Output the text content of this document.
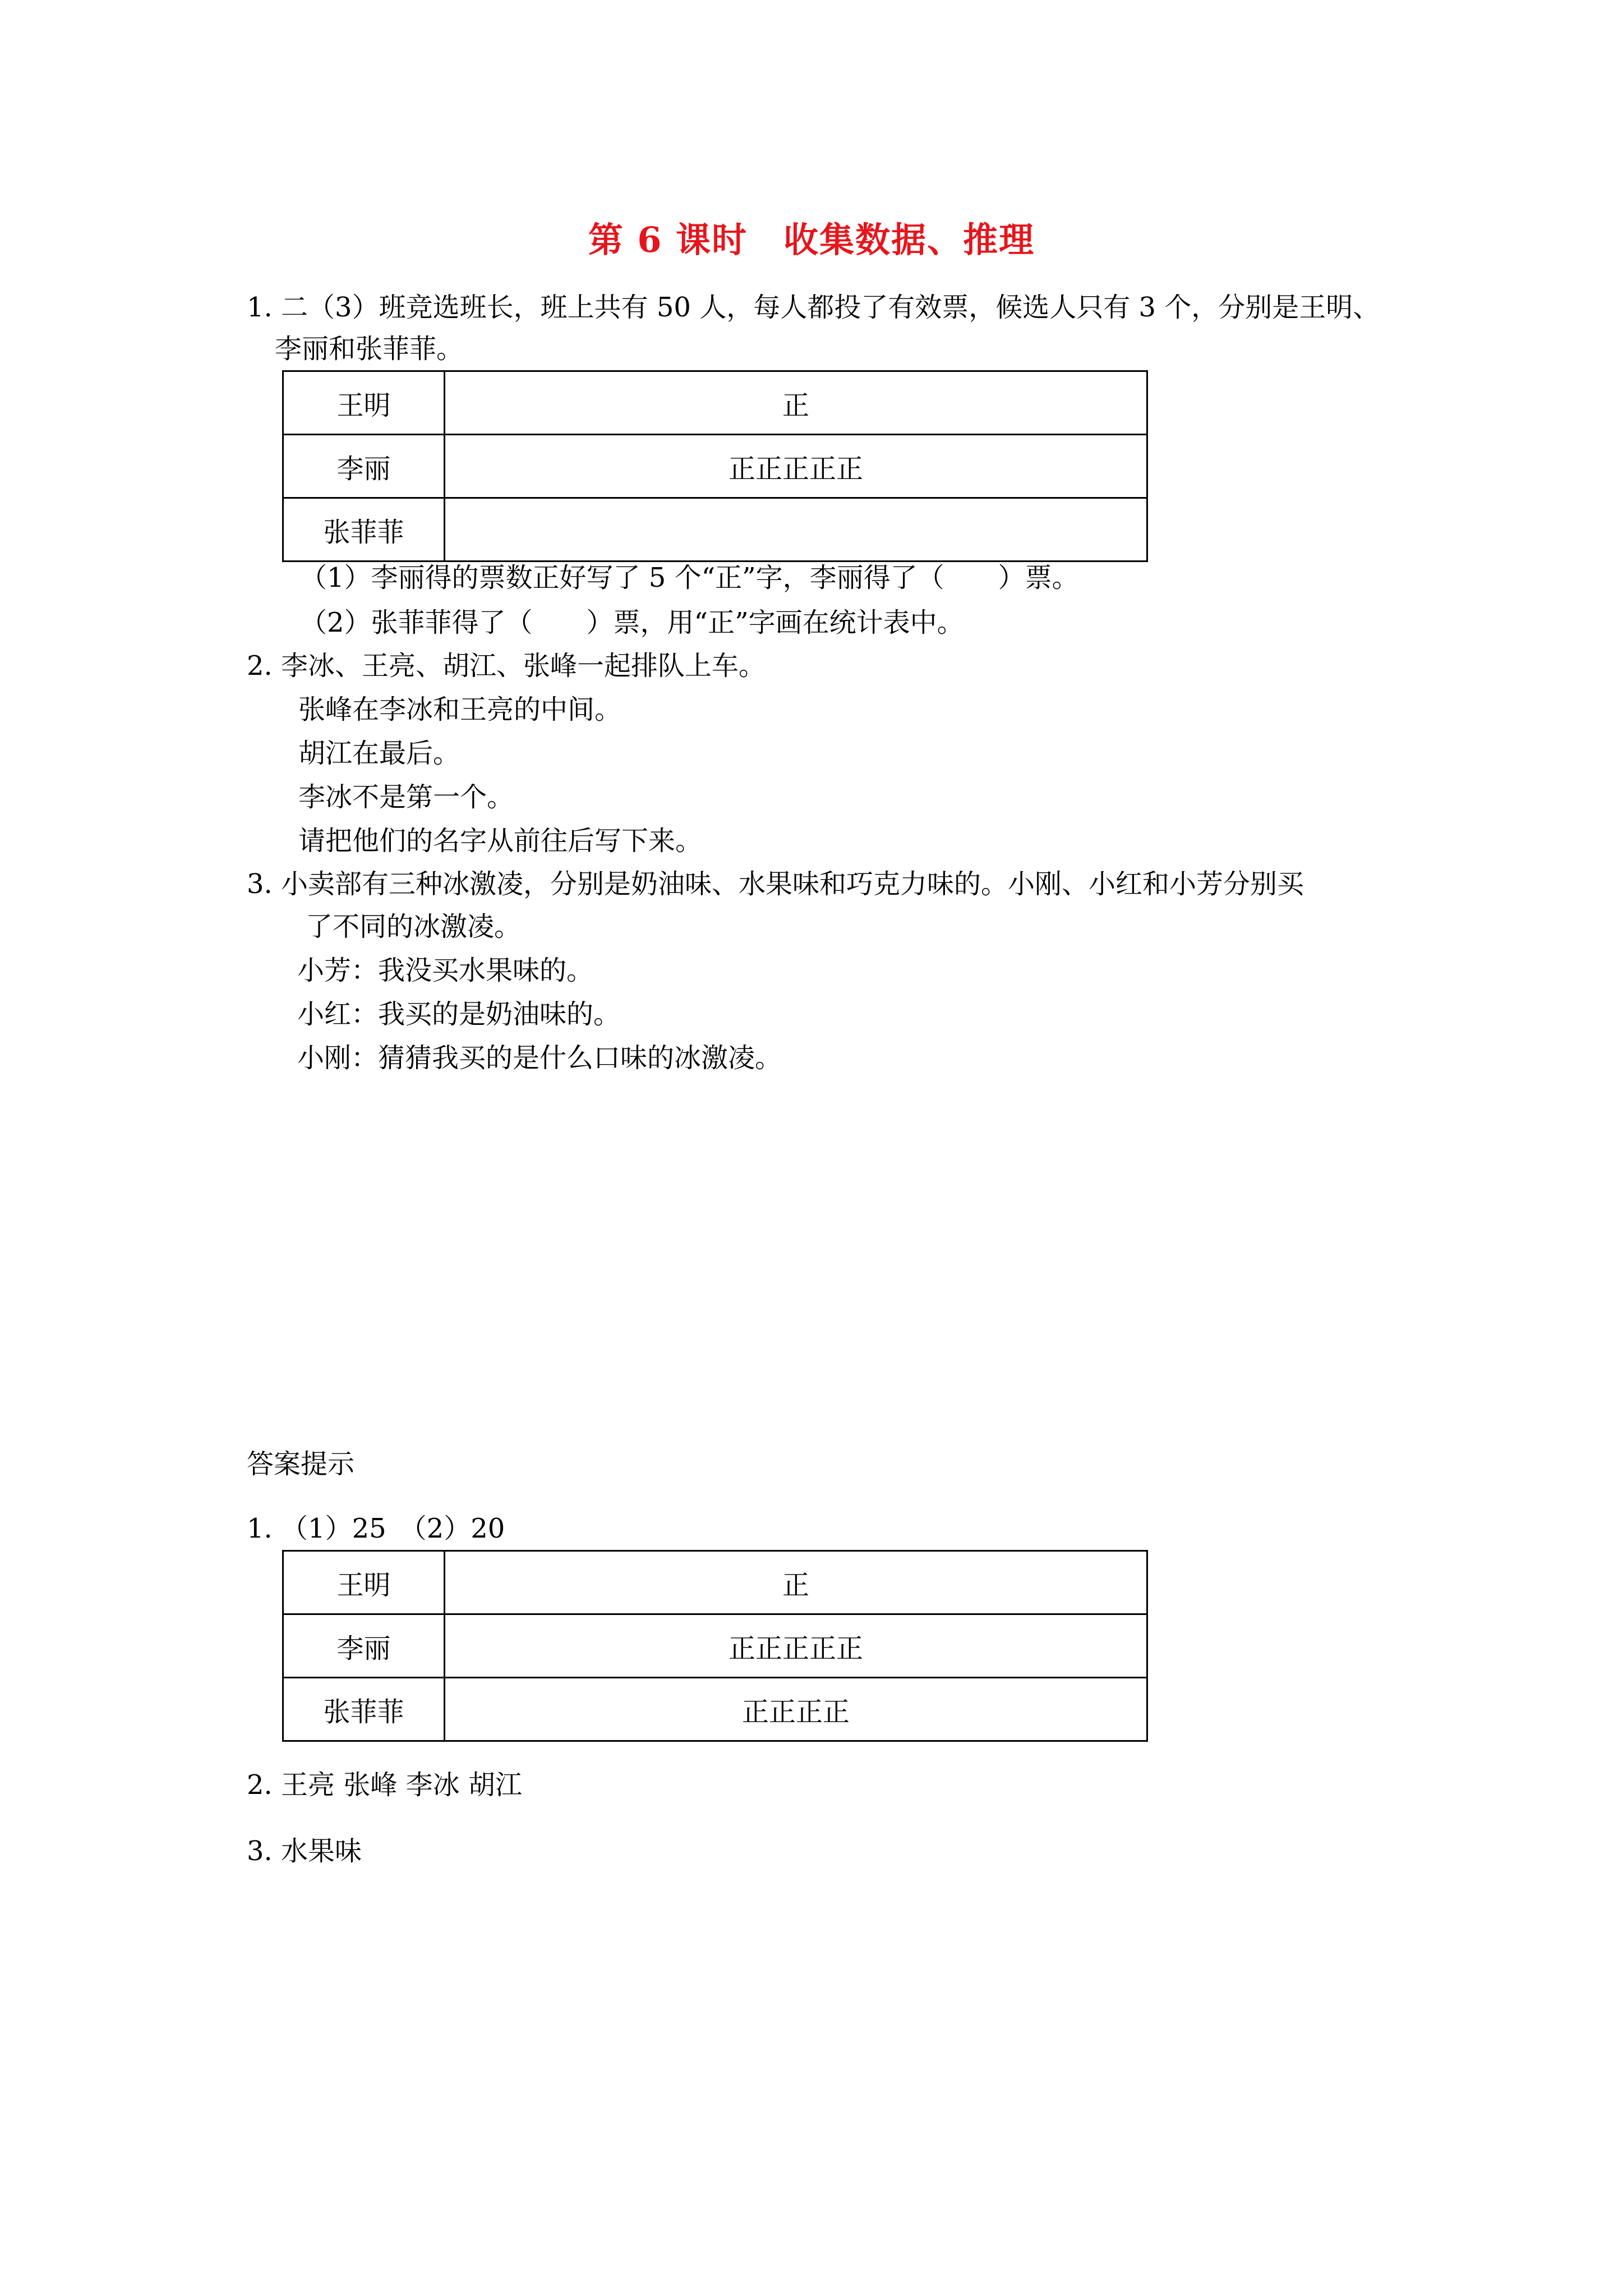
第 6 课时　收集数据、推理
1. 二（3）班竞选班长，班上共有 50 人，每人都投了有效票，候选人只有 3 个，分别是王明、
李丽和张菲菲。
王明	正
李丽	正正正正正
张菲菲	
（1）李丽得的票数正好写了 5 个“正”字，李丽得了（　　）票。
（2）张菲菲得了（　　）票，用“正”字画在统计表中。
2. 李冰、王亮、胡江、张峰一起排队上车。
张峰在李冰和王亮的中间。
胡江在最后。
李冰不是第一个。
请把他们的名字从前往后写下来。
3. 小卖部有三种冰激凌，分别是奶油味、水果味和巧克力味的。小刚、小红和小芳分别买
了不同的冰激凌。
小芳：我没买水果味的。
小红：我买的是奶油味的。
小刚：猜猜我买的是什么口味的冰激凌。
答案提示
1. （1）25　（2）20
王明	正
李丽	正正正正正
张菲菲	正正正正
2. 王亮 张峰 李冰 胡江
3. 水果味
